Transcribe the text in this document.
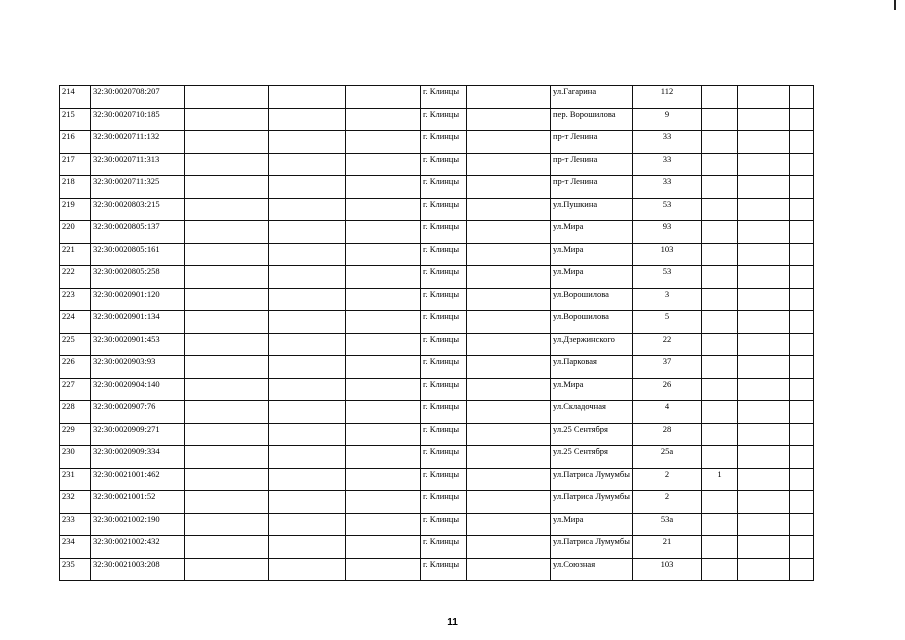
214	32:30:0020708:207				г. Клинцы		ул.Гагарина	112			
215	32:30:0020710:185				г. Клинцы		пер. Ворошилова	9			
216	32:30:0020711:132				г. Клинцы		пр-т Ленина	33			
217	32:30:0020711:313				г. Клинцы		пр-т Ленина	33			
218	32:30:0020711:325				г. Клинцы		пр-т Ленина	33			
219	32:30:0020803:215				г. Клинцы		ул.Пушкина	53			
220	32:30:0020805:137				г. Клинцы		ул.Мира	93			
221	32:30:0020805:161				г. Клинцы		ул.Мира	103			
222	32:30:0020805:258				г. Клинцы		ул.Мира	53			
223	32:30:0020901:120				г. Клинцы		ул.Ворошилова	3			
224	32:30:0020901:134				г. Клинцы		ул.Ворошилова	5			
225	32:30:0020901:453				г. Клинцы		ул.Дзержинского	22			
226	32:30:0020903:93				г. Клинцы		ул.Парковая	37			
227	32:30:0020904:140				г. Клинцы		ул.Мира	26			
228	32:30:0020907:76				г. Клинцы		ул.Складочная	4			
229	32:30:0020909:271				г. Клинцы		ул.25 Сентября	28			
230	32:30:0020909:334				г. Клинцы		ул.25 Сентября	25а			
231	32:30:0021001:462				г. Клинцы		ул.Патриса Лумумбы	2	1		
232	32:30:0021001:52				г. Клинцы		ул.Патриса Лумумбы	2			
233	32:30:0021002:190				г. Клинцы		ул.Мира	53а			
234	32:30:0021002:432				г. Клинцы		ул.Патриса Лумумбы	21			
235	32:30:0021003:208				г. Клинцы		ул.Союзная	103			
11
